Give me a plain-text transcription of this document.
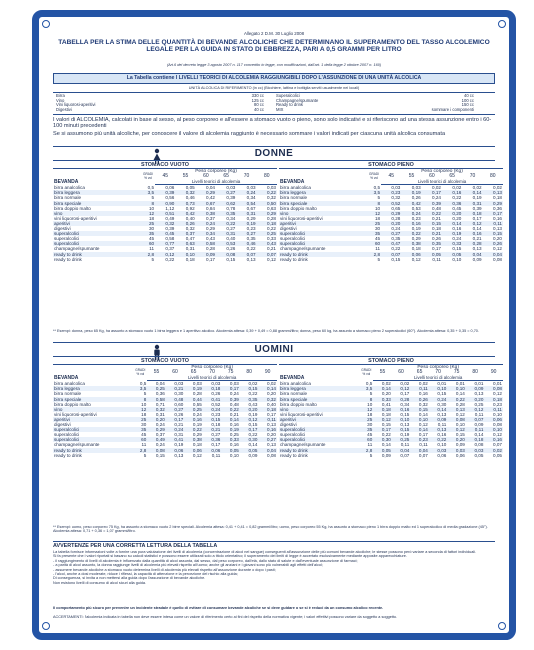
Allegato 2 D.M. 30 Luglio 2008
TABELLA PER LA STIMA DELLE QUANTITÀ DI BEVANDE ALCOLICHE CHE DETERMINANO IL SUPERAMENTO DEL TASSO ALCOLEMICO LEGALE PER LA GUIDA IN STATO DI EBBREZZA, PARI A 0,5 GRAMMI PER LITRO
(Art.6 del decreto legge 3 agosto 2007 n. 117 convertito in legge, con modificazioni, dall'art. 1 della legge 2 ottobre 2007 n. 160)
La Tabella contiene I LIVELLI TEORICI DI ALCOLEMIA RAGGIUNGIBILI DOPO L'ASSUNZIONE DI UNA UNITÀ ALCOLICA
UNITÀ ALCOLICA DI RIFERIMENTO (in cc) (Bicchiere, lattina e bottiglia serviti usualmente nei locali)
Birra	330 cc
Vino	125 cc
Vini liquorosi-aperitivi	80 cc
Digestivi	40 cc
Superalcolici	40 cc
Champagne/spumante	100 cc
Ready to drink	150 cc
MIX	sommare i componenti
I valori di ALCOLEMIA, calcolati in base al sesso, al peso corporeo e all'essere a stomaco vuoto o pieno, sono solo indicativi e si riferiscono ad una stessa assunzione entro i 60-100 minuti precedenti
Se si assumono più unità alcoliche, per conoscere il valore di alcolemia raggiunto è necessario sommare i valori indicati per ciascuna unità alcolica consumata
DONNE
STOMACO VUOTO
BEVANDA	GRADI % vol	Peso corporeo (Kg)					
		45	55	60	65	70	80
		Livelli teorici di alcolemia					
birra analcolica	0,5	0,06	0,05	0,04	0,03	0,03	0,03
birra leggera	3,5	0,39	0,32	0,29	0,27	0,24	0,22
birra normale	5	0,56	0,46	0,42	0,39	0,34	0,32
birra speciale	8	0,90	0,73	0,67	0,62	0,54	0,50
birra doppio malto	10	1,12	0,92	0,84	0,78	0,67	0,63
vino	12	0,51	0,42	0,38	0,35	0,31	0,29
vini liquorosi-aperitivi	18	0,49	0,40	0,37	0,34	0,29	0,28
aperitivi	25	0,32	0,26	0,24	0,22	0,19	0,18
digestivi	30	0,39	0,32	0,29	0,27	0,23	0,22
superalcolici	35	0,45	0,37	0,34	0,31	0,27	0,25
superalcolici	45	0,58	0,47	0,43	0,40	0,35	0,33
superalcolici	60	0,77	0,63	0,58	0,53	0,46	0,43
champagne/spumante	11	0,37	0,31	0,28	0,26	0,22	0,21
ready to drink	2,8	0,12	0,10	0,09	0,08	0,07	0,07
ready to drink	5	0,22	0,18	0,17	0,15	0,13	0,12
STOMACO PIENO
BEVANDA	GRADI % vol	Peso corporeo (Kg)					
		45	55	60	65	70	80
		Livelli teorici di alcolemia					
birra analcolica	0,5	0,03	0,03	0,02	0,02	0,02	0,02
birra leggera	3,5	0,23	0,19	0,17	0,16	0,14	0,13
birra normale	5	0,32	0,26	0,24	0,22	0,19	0,18
birra speciale	8	0,52	0,42	0,39	0,36	0,31	0,29
birra doppio malto	10	0,65	0,53	0,48	0,45	0,39	0,36
vino	12	0,29	0,24	0,22	0,20	0,18	0,17
vini liquorosi-aperitivi	18	0,28	0,23	0,21	0,20	0,17	0,16
aperitivi	25	0,20	0,16	0,15	0,14	0,12	0,11
digestivi	30	0,24	0,19	0,18	0,16	0,14	0,13
superalcolici	35	0,27	0,22	0,21	0,19	0,16	0,15
superalcolici	45	0,35	0,29	0,26	0,24	0,21	0,20
superalcolici	60	0,47	0,38	0,35	0,33	0,28	0,26
champagne/spumante	11	0,22	0,18	0,17	0,15	0,13	0,12
ready to drink	2,8	0,07	0,06	0,05	0,05	0,04	0,04
ready to drink	5	0,15	0,12	0,11	0,10	0,09	0,08
** Esempi: donna, peso 65 Kg, ha assunto a stomaco vuoto 1 birra leggera e 1 aperitivo alcolico. Alcolemia attesa: 0,39 + 0,49 = 0,88 grammi/litro; donna, peso 60 kg, ha assunto a stomaco pieno 2 superalcolici (60°). Alcolemia attesa: 0,35 + 0,35 = 0,70.
UOMINI
STOMACO VUOTO
BEVANDA	GRADI % vol	Peso corporeo (Kg)						
		55	60	65	70	75	80	90
		Livelli teorici di alcolemia						
birra analcolica	0,5	0,04	0,03	0,03	0,03	0,03	0,02	0,02
birra leggera	3,5	0,25	0,21	0,19	0,18	0,17	0,15	0,14
birra normale	5	0,36	0,30	0,28	0,26	0,24	0,22	0,20
birra speciale	8	0,58	0,48	0,44	0,41	0,39	0,35	0,32
birra doppio malto	10	0,71	0,60	0,55	0,52	0,48	0,43	0,40
vino	12	0,32	0,27	0,25	0,24	0,22	0,20	0,18
vini liquorosi-aperitivi	18	0,31	0,26	0,24	0,23	0,21	0,19	0,17
aperitivi	25	0,20	0,17	0,16	0,15	0,14	0,12	0,11
digestivi	30	0,24	0,21	0,19	0,18	0,16	0,15	0,13
superalcolici	35	0,29	0,24	0,22	0,21	0,19	0,17	0,16
superalcolici	45	0,37	0,31	0,29	0,27	0,25	0,22	0,20
superalcolici	60	0,49	0,41	0,38	0,36	0,33	0,30	0,27
champagne/spumante	11	0,24	0,19	0,18	0,17	0,16	0,14	0,13
ready to drink	2,8	0,08	0,06	0,06	0,06	0,05	0,05	0,04
ready to drink	5	0,15	0,13	0,12	0,11	0,10	0,09	0,08
STOMACO PIENO
BEVANDA	GRADI % vol	Peso corporeo (Kg)						
		55	60	65	70	75	80	90
		Livelli teorici di alcolemia						
birra analcolica	0,5	0,02	0,02	0,02	0,01	0,01	0,01	0,01
birra leggera	3,5	0,14	0,12	0,11	0,10	0,10	0,09	0,08
birra normale	5	0,20	0,17	0,16	0,15	0,14	0,13	0,12
birra speciale	8	0,33	0,28	0,26	0,24	0,22	0,20	0,18
birra doppio malto	10	0,41	0,34	0,32	0,30	0,28	0,25	0,23
vino	12	0,18	0,16	0,15	0,14	0,13	0,12	0,11
vini liquorosi-aperitivi	18	0,18	0,15	0,14	0,13	0,12	0,11	0,10
aperitivi	25	0,12	0,10	0,10	0,09	0,08	0,07	0,06
digestivi	30	0,15	0,13	0,12	0,11	0,10	0,09	0,08
superalcolici	35	0,17	0,15	0,14	0,13	0,12	0,11	0,10
superalcolici	45	0,22	0,19	0,17	0,16	0,15	0,14	0,12
superalcolici	60	0,30	0,25	0,23	0,22	0,20	0,18	0,16
champagne/spumante	11	0,14	0,11	0,11	0,10	0,09	0,08	0,07
ready to drink	2,8	0,05	0,04	0,04	0,03	0,03	0,03	0,02
ready to drink	5	0,09	0,07	0,07	0,06	0,06	0,05	0,05
** Esempi: uomo, peso corporeo 75 Kg, ha assunto a stomaco vuoto 2 birre speciali. Alcolemia attesa: 0,41 + 0,41 = 0,82 grammi/litro; uomo, peso corporeo 55 Kg, ha assunto a stomaco pieno 1 birra doppio malto ed 1 superalcolico di media gradazione (45°). Alcolemia attesa: 0,71 + 0,36 = 1,07 grammi/litro.
AVVERTENZE PER UNA CORRETTA LETTURA DELLA TABELLA
La tabella fornisce informazioni volte a fornire una pura valutazione dei livelli di alcolemia (concentrazione di alcol nel sangue) conseguenti all'assunzione delle più comuni bevande alcoliche; le stesse possono però variare a seconda di fattori individuali.
Si fa presente che i valori riportati si basano su calcoli statistici e possono essere utilizzati solo a titolo orientativo; il superamento dei limiti di legge è accertato esclusivamente mediante apposite apparecchiature.
- il raggiungimento di livelli di alcolemia è influenzato dalla quantità di alcol assunta, dal sesso, dal peso corporeo, dall'età, dallo stato di salute e dall'eventuale assunzione di farmaci;
- a parità di alcol assunto, la donna raggiunge livelli di alcolemia più elevati rispetto all'uomo; anche gli anziani e i giovani sono più vulnerabili agli effetti dell'alcol;
- assumere bevande alcoliche a stomaco vuoto determina livelli di alcolemia più elevati rispetto all'assunzione durante o dopo i pasti;
- l'alcol, anche a dosi moderate, riduce i riflessi, la capacità di attenzione e la percezione del rischio alla guida;
Di conseguenza, si invita a non mettersi alla guida dopo l'assunzione di bevande alcoliche.
Non esistono livelli di consumo di alcol sicuri alla guida.
Il comportamento più sicuro per prevenire un incidente stradale è quello di evitare di consumare bevande alcoliche se si deve guidare o se si è reduci da un consumo alcolico recente.
ACCERTAMENTI: l'alcolemia indicata in tabella non deve essere intesa come un valore di riferimento certo ai fini del rispetto della normativa vigente; i valori effettivi possono variare da soggetto a soggetto.
